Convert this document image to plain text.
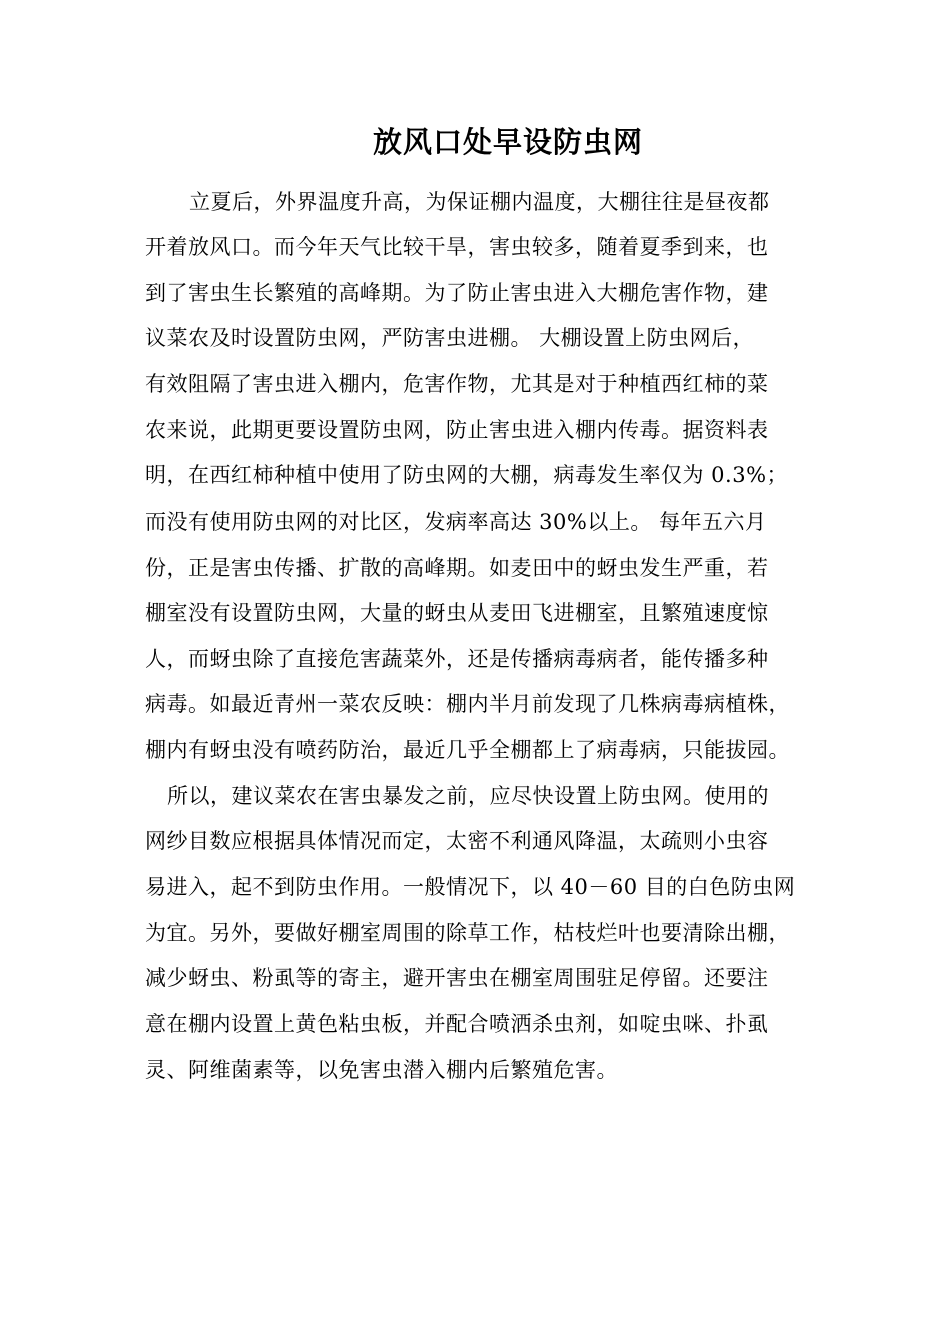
放风口处早设防虫网
立夏后，外界温度升高，为保证棚内温度，大棚往往是昼夜都
开着放风口。而今年天气比较干旱，害虫较多，随着夏季到来，也
到了害虫生长繁殖的高峰期。为了防止害虫进入大棚危害作物，建
议菜农及时设置防虫网，严防害虫进棚。 大棚设置上防虫网后，
有效阻隔了害虫进入棚内，危害作物，尤其是对于种植西红柿的菜
农来说，此期更要设置防虫网，防止害虫进入棚内传毒。据资料表
明，在西红柿种植中使用了防虫网的大棚，病毒发生率仅为 0.3%；
而没有使用防虫网的对比区，发病率高达 30%以上。 每年五六月
份，正是害虫传播、扩散的高峰期。如麦田中的蚜虫发生严重，若
棚室没有设置防虫网，大量的蚜虫从麦田飞进棚室，且繁殖速度惊
人，而蚜虫除了直接危害蔬菜外，还是传播病毒病者，能传播多种
病毒。如最近青州一菜农反映：棚内半月前发现了几株病毒病植株，
棚内有蚜虫没有喷药防治，最近几乎全棚都上了病毒病，只能拔园。
所以，建议菜农在害虫暴发之前，应尽快设置上防虫网。使用的
网纱目数应根据具体情况而定，太密不利通风降温，太疏则小虫容
易进入，起不到防虫作用。一般情况下，以 40－60 目的白色防虫网
为宜。另外，要做好棚室周围的除草工作，枯枝烂叶也要清除出棚，
减少蚜虫、粉虱等的寄主，避开害虫在棚室周围驻足停留。还要注
意在棚内设置上黄色粘虫板，并配合喷洒杀虫剂，如啶虫咪、扑虱
灵、阿维菌素等，以免害虫潜入棚内后繁殖危害。
